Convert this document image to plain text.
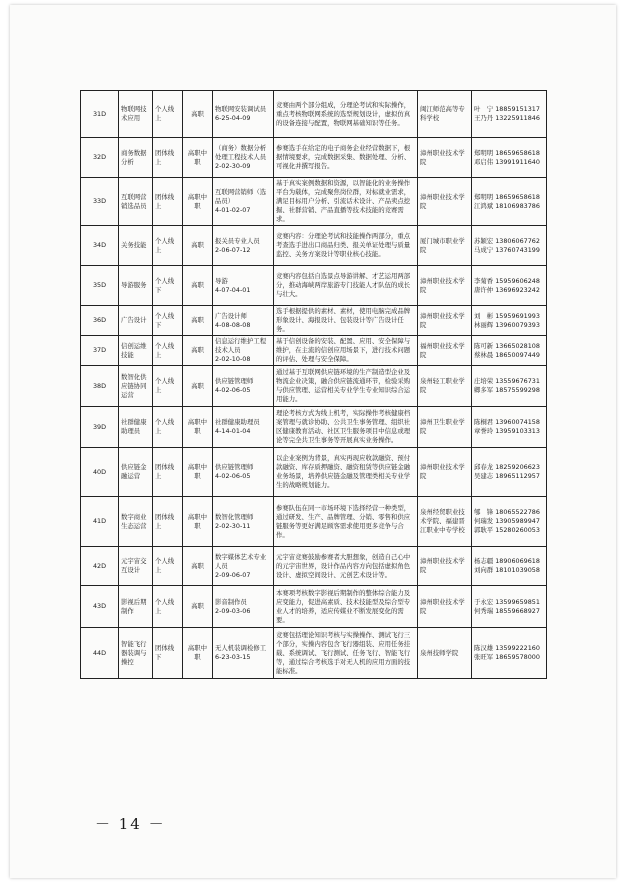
31D	物联网技术应用	个人线上	高职	物联网安装调试员
6-25-04-09	竞赛由两个部分组成，分理论考试和实际操作，重点考核物联网系统的选型规划设计，虚拟仿真的设备连接与配置，物联网基础知识等任务。	闽江师范高等专科学校	叶　宁 18859151317
王乃丹 13225911846

32D	商务数据分析	团体线上	高职中职	（商务）数据分析处理工程技术人员
2-02-30-09	参赛选手在给定的电子商务企业经营数据下，根据情境要求，完成数据采集、数据处理、分析、可视化并撰写报告。	漳州职业技术学院	郑明明 18659658618
邓启伟 13991911640

33D	互联网营销选品员	团体线上	高职中职	互联网营销师（选品员）
4-01-02-07	基于真实案例数据和资源，以智能化的业务操作平台为载体，完成聚焦岗位群，对标就业需求，满足目标用户分析、引流话术设计、产品卖点挖掘、社群营销、产品直播等技术技能的竞赛需求。	漳州职业技术学院	郑明明 18659658618
江鸿斌 18106983786

34D	关务技能	个人线上	高职	报关员专业人员
2-06-07-12	竞赛内容：分理论考试和技能操作两部分，重点考查选手进出口商品归类、报关单证处理与质量监控、关务方案设计等职业核心技能。	厦门城市职业学院	苏颖宏 13806067762
马成宁 13760743199

35D	导游服务	个人线下	高职	导游
4-07-04-01	竞赛内容包括自选景点导游讲解、才艺运用两部分，推动海峡两岸旅游专门技能人才队伍的成长与壮大。	漳州职业技术学院	李菊香 15959606248
唐许仲 13696923242

36D	广告设计	个人线下	高职	广告设计师
4-08-08-08	选手根据提供的素材、素材，使用电脑完成品牌形象设计、海报设计、包装设计等广告设计任务。	漳州职业技术学院	刘　彬 15959691993
林丽辉 13960079393

37D	信创运维技能	个人线上	高职	信息运行维护工程技术人员
2-02-10-08	基于信创设备的安装、配置、应用、安全保障与维护，在主流的信创应用场景下，进行技术问题的评估、处理与安全保障。	福州职业技术学院	陈可新 13665028108
蔡林晨 18650097449

38D	数智化供应链协同运营	个人线上	高职	供应链管理师
4-02-06-05	通过基于互联网供应链环境的生产制造型企业及物流企业决策，融合供应链流通环节，检验采购与供应管理、运营相关专业学生专业知识综合运用能力。	泉州轻工职业学院	庄培荣 13559676731
卿多军 18575599298

39D	社群健康助理员	个人线上	高职中职	社群健康助理员
4-14-01-04	理论考核方式为线上机考，实际操作考核健康档案管理与就诊协助、公共卫生事务管理、组织社区健康教育活动、社区卫生服务项目中信息或理论等完全共卫生事务等开展真实业务操作。	漳州卫生职业学院	陈桐君 13960074158
章誉玲 13959103313

40D	供应链金融运营	团体线上	高职中职	供应链管理师
4-02-06-05	以企业案例为背景，真实再现应收款融资、预付款融资、库存质押融资、融资租赁等供应链金融业务场景，培养供应链金融及管理类相关专业学生的战略规划能力。	漳州职业技术学院	邱春龙 18259206623
吴建志 18965112957

41D	数字商业生态运营	团体线上	高职中职	数智化管理师
2-02-30-11	参赛队伍在同一市场环境下选择经营一种类型，通过研发、生产、品牌管理、分销、零售和供应链服务等更好满足顾客需求使用更多竞争与合作。	泉州经贸职业技术学院、福建晋江职业中专学校	郇　锋 18065522786
何瑞发 13905989947
郭耿平 15280260053

42D	元宇宙交互设计	个人线上	高职	数字媒体艺术专业人员
2-09-06-07	元宇宙竞赛鼓励参赛者大胆想象，创造自己心中的元宇宙世界，设计作品内容方向包括虚拟角色设计、虚拟空间设计、元创艺术设计等。	漳州职业技术学院	杨志疆 18906069618
刘向群 18101039058

43D	影视后期制作	个人线上	高职	影音制作员
2-09-03-06	本赛项考核数字影视后期制作的整体综合能力及应变能力，促进高素质、技术技能型及综合型专业人才的培养，适应传媒业不断发展变化的需要。	漳州职业技术学院	于永宏 13599659851
何秀瑞 18559668927

44D	智能飞行器装调与操控	团体线下	高职中职	无人机装调检修工
6-23-03-15	竞赛包括理论知识考核与实操操作、测试飞行三个部分，实操内容包含飞行器组装、应用任务挂载、系统调试、飞行测试、任务飞行、智能飞行等，通过综合考核选手对无人机的应用方面的技能标准。	泉州技师学院	陈汉雄 13599222160
张旺军 18659578000
－ 14 －
